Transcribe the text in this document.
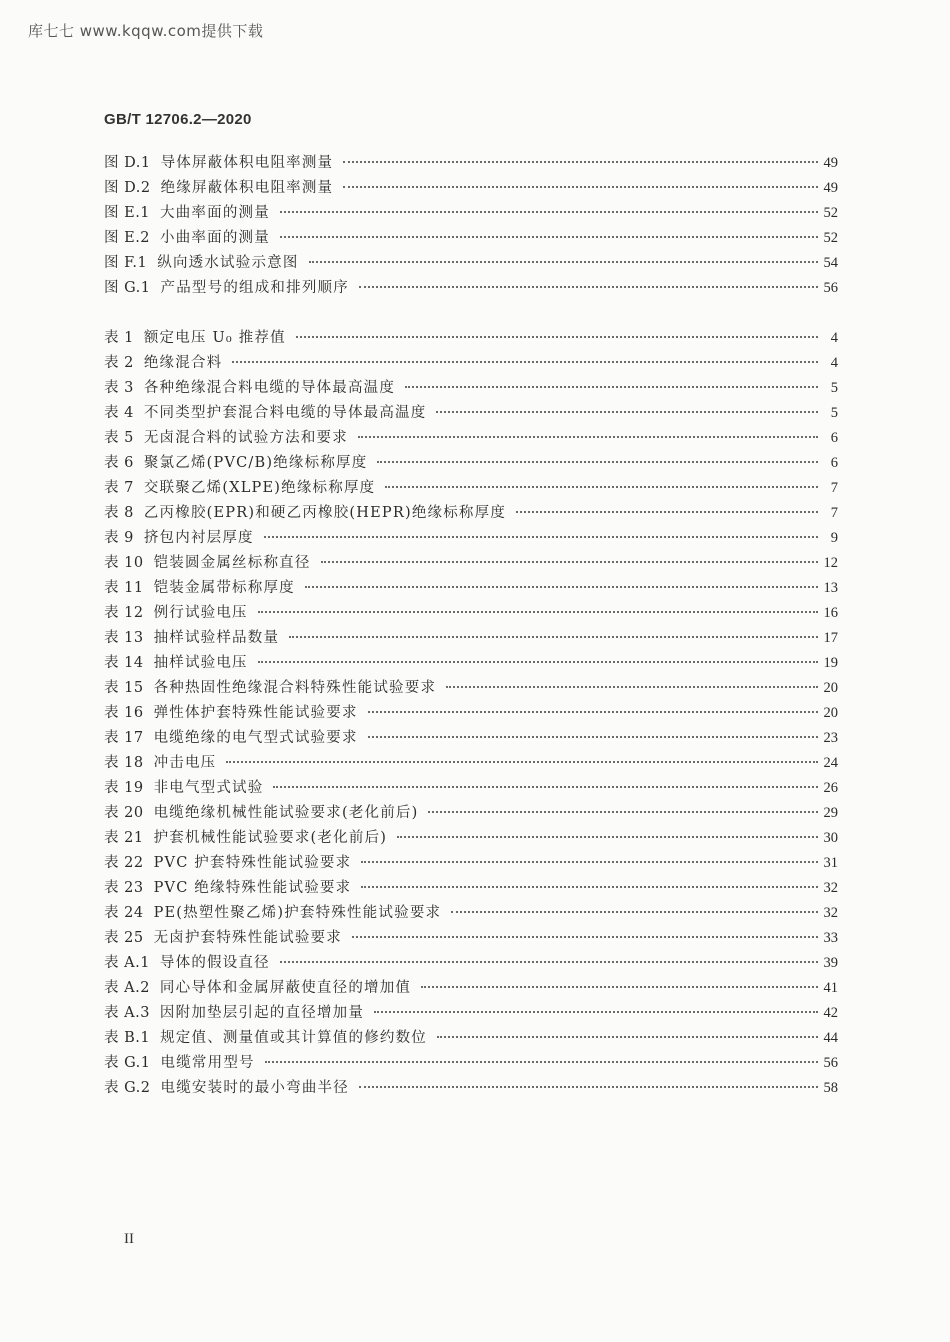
库七七 www.kqqw.com提供下载
GB/T 12706.2—2020
图 D.1 导体屏蔽体积电阻率测量	49
图 D.2 绝缘屏蔽体积电阻率测量	49
图 E.1 大曲率面的测量	52
图 E.2 小曲率面的测量	52
图 F.1 纵向透水试验示意图	54
图 G.1 产品型号的组成和排列顺序	56
表 1 额定电压 U₀ 推荐值	4
表 2 绝缘混合料	4
表 3 各种绝缘混合料电缆的导体最高温度	5
表 4 不同类型护套混合料电缆的导体最高温度	5
表 5 无卤混合料的试验方法和要求	6
表 6 聚氯乙烯(PVC/B)绝缘标称厚度	6
表 7 交联聚乙烯(XLPE)绝缘标称厚度	7
表 8 乙丙橡胶(EPR)和硬乙丙橡胶(HEPR)绝缘标称厚度	7
表 9 挤包内衬层厚度	9
表 10 铠装圆金属丝标称直径	12
表 11 铠装金属带标称厚度	13
表 12 例行试验电压	16
表 13 抽样试验样品数量	17
表 14 抽样试验电压	19
表 15 各种热固性绝缘混合料特殊性能试验要求	20
表 16 弹性体护套特殊性能试验要求	20
表 17 电缆绝缘的电气型式试验要求	23
表 18 冲击电压	24
表 19 非电气型式试验	26
表 20 电缆绝缘机械性能试验要求(老化前后)	29
表 21 护套机械性能试验要求(老化前后)	30
表 22 PVC 护套特殊性能试验要求	31
表 23 PVC 绝缘特殊性能试验要求	32
表 24 PE(热塑性聚乙烯)护套特殊性能试验要求	32
表 25 无卤护套特殊性能试验要求	33
表 A.1 导体的假设直径	39
表 A.2 同心导体和金属屏蔽使直径的增加值	41
表 A.3 因附加垫层引起的直径增加量	42
表 B.1 规定值、测量值或其计算值的修约数位	44
表 G.1 电缆常用型号	56
表 G.2 电缆安装时的最小弯曲半径	58
II
